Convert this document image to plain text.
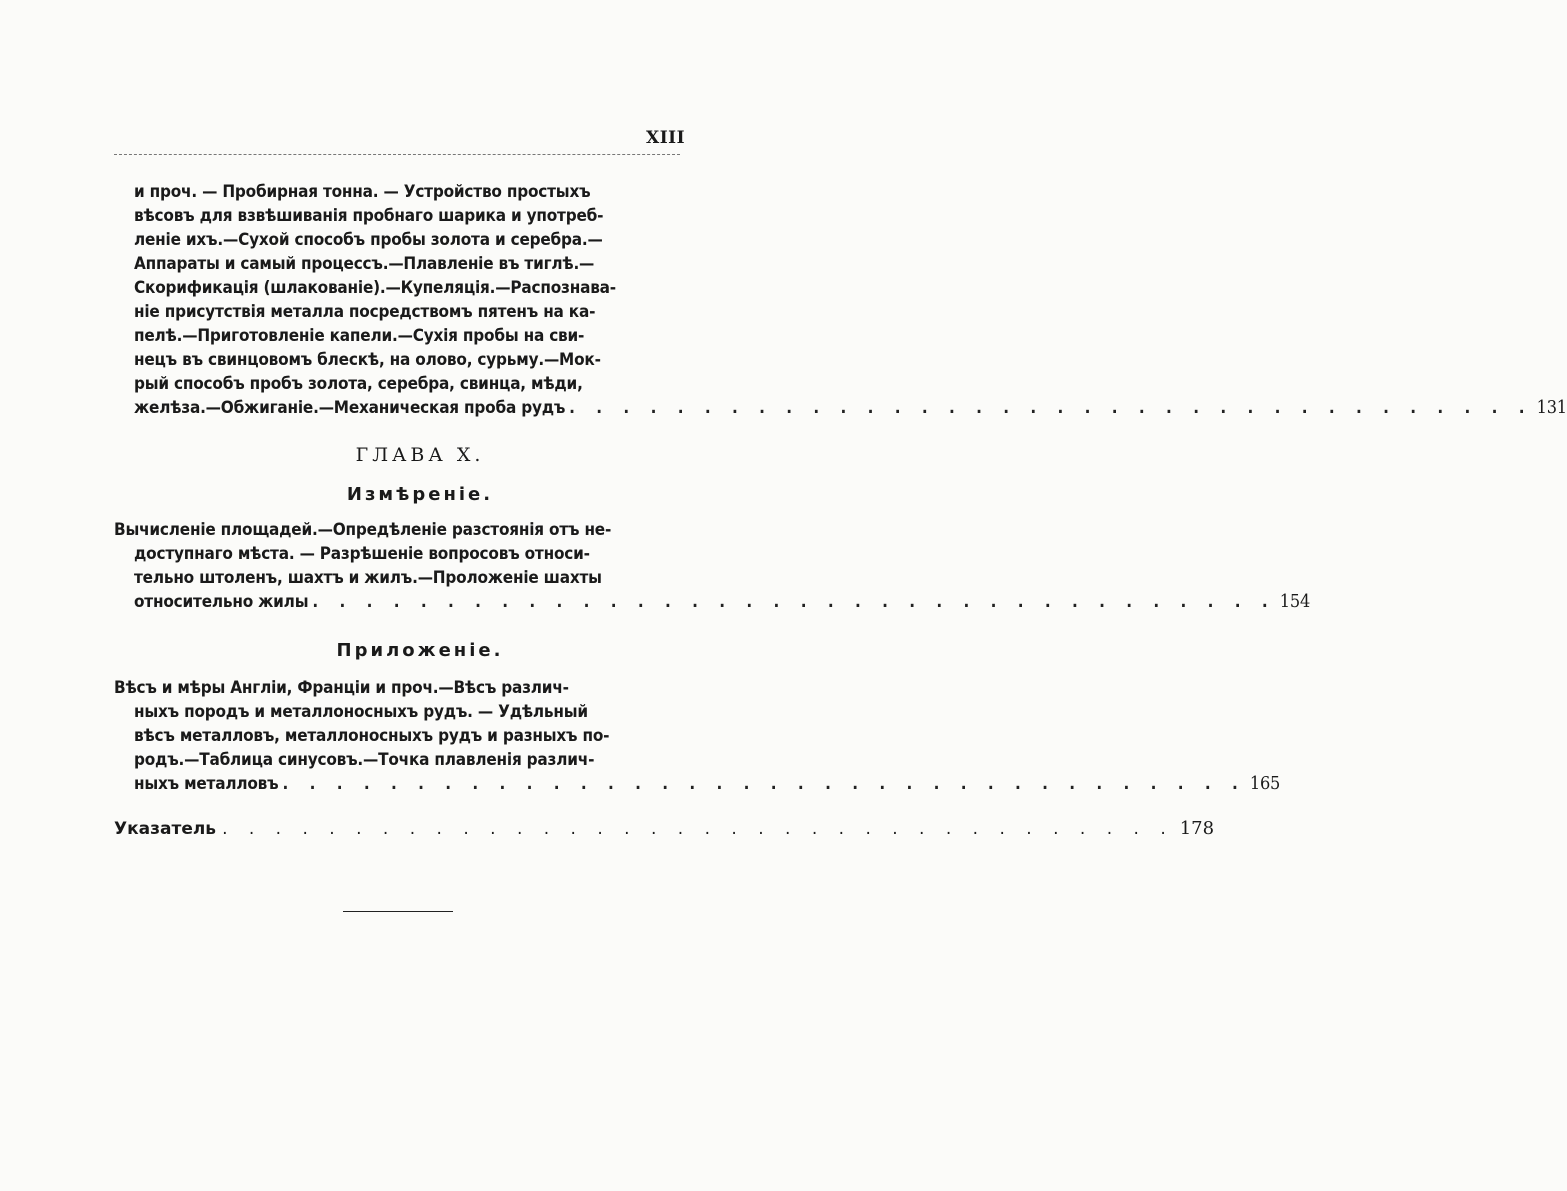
XIII
и проч. — Пробирная тонна. — Устройство простыхъ
вѣсовъ для взвѣшиванія пробнаго шарика и употреб-
леніе ихъ.—Сухой способъ пробы золота и серебра.—
Аппараты и самый процессъ.—Плавленіе въ тиглѣ.—
Скорификація (шлакованіе).—Купеляція.—Распознава-
ніе присутствія металла посредствомъ пятенъ на ка-
пелѣ.—Приготовленіе капели.—Сухія пробы на сви-
нецъ въ свинцовомъ блескѣ, на олово, сурьму.—Мок-
рый способъ пробъ золота, серебра, свинца, мѣди,
желѣза.—Обжиганіе.—Механическая проба рудъ . . . . . . . . . . . . . . . . . . . . . . . . . . . . . . . . . . . . 131
ГЛАВА X.
Измѣреніе.
Вычисленіе площадей.—Опредѣленіе разстоянія отъ не-
доступнаго мѣста. — Разрѣшеніе вопросовъ относи-
тельно штоленъ, шахтъ и жилъ.—Проложеніе шахты
относительно жилы . . . . . . . . . . . . . . . . . . . . . . . . . . . . . . . . . . . . 154
Приложеніе.
Вѣсъ и мѣры Англіи, Франціи и проч.—Вѣсъ различ-
ныхъ породъ и металлоносныхъ рудъ. — Удѣльный
вѣсъ металловъ, металлоносныхъ рудъ и разныхъ по-
родъ.—Таблица синусовъ.—Точка плавленія различ-
ныхъ металловъ . . . . . . . . . . . . . . . . . . . . . . . . . . . . . . . . . . . . 165
Указатель . . . . . . . . . . . . . . . . . . . . . . . . . . . . . . . . . . . . 178
